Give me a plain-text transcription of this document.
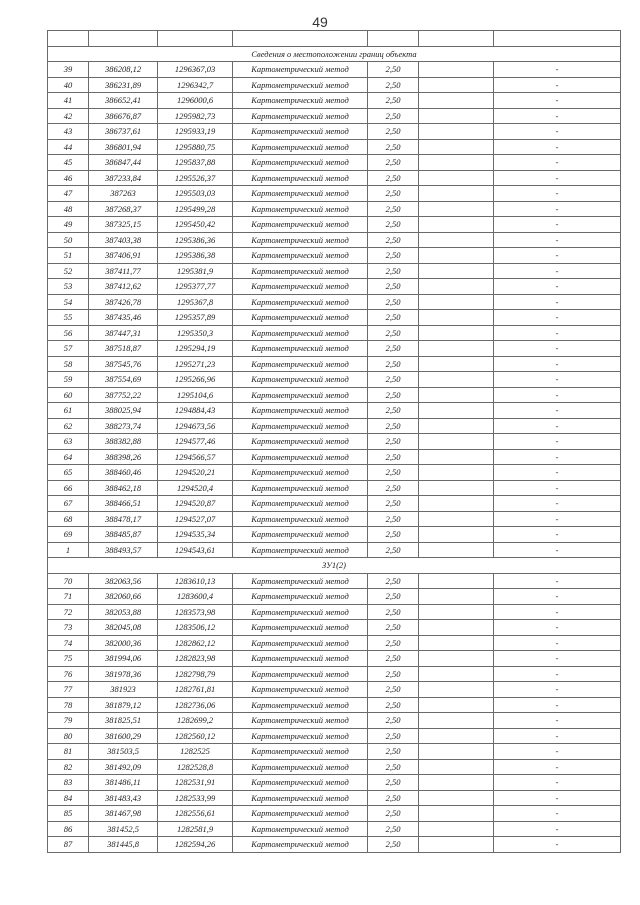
49

Сведения о местоположении границ объекта						
39	386208,12	1296367,03	Картометрический метод	2,50		-
40	386231,89	1296342,7	Картометрический метод	2,50		-
41	386652,41	1296000,6	Картометрический метод	2,50		-
42	386676,87	1295982,73	Картометрический метод	2,50		-
43	386737,61	1295933,19	Картометрический метод	2,50		-
44	386801,94	1295880,75	Картометрический метод	2,50		-
45	386847,44	1295837,88	Картометрический метод	2,50		-
46	387233,84	1295526,37	Картометрический метод	2,50		-
47	387263	1295503,03	Картометрический метод	2,50		-
48	387268,37	1295499,28	Картометрический метод	2,50		-
49	387325,15	1295450,42	Картометрический метод	2,50		-
50	387403,38	1295386,36	Картометрический метод	2,50		-
51	387406,91	1295386,38	Картометрический метод	2,50		-
52	387411,77	1295381,9	Картометрический метод	2,50		-
53	387412,62	1295377,77	Картометрический метод	2,50		-
54	387426,78	1295367,8	Картометрический метод	2,50		-
55	387435,46	1295357,89	Картометрический метод	2,50		-
56	387447,31	1295350,3	Картометрический метод	2,50		-
57	387518,87	1295294,19	Картометрический метод	2,50		-
58	387545,76	1295271,23	Картометрический метод	2,50		-
59	387554,69	1295266,96	Картометрический метод	2,50		-
60	387752,22	1295104,6	Картометрический метод	2,50		-
61	388025,94	1294884,43	Картометрический метод	2,50		-
62	388273,74	1294673,56	Картометрический метод	2,50		-
63	388382,88	1294577,46	Картометрический метод	2,50		-
64	388398,26	1294566,57	Картометрический метод	2,50		-
65	388460,46	1294520,21	Картометрический метод	2,50		-
66	388462,18	1294520,4	Картометрический метод	2,50		-
67	388466,51	1294520,87	Картометрический метод	2,50		-
68	388478,17	1294527,07	Картометрический метод	2,50		-
69	388485,87	1294535,34	Картометрический метод	2,50		-
1	388493,57	1294543,61	Картометрический метод	2,50		-
ЗУ1(2)						
70	382063,56	1283610,13	Картометрический метод	2,50		-
71	382060,66	1283600,4	Картометрический метод	2,50		-
72	382053,88	1283573,98	Картометрический метод	2,50		-
73	382045,08	1283506,12	Картометрический метод	2,50		-
74	382000,36	1282862,12	Картометрический метод	2,50		-
75	381994,06	1282823,98	Картометрический метод	2,50		-
76	381978,36	1282798,79	Картометрический метод	2,50		-
77	381923	1282761,81	Картометрический метод	2,50		-
78	381879,12	1282736,06	Картометрический метод	2,50		-
79	381825,51	1282699,2	Картометрический метод	2,50		-
80	381600,29	1282560,12	Картометрический метод	2,50		-
81	381503,5	1282525	Картометрический метод	2,50		-
82	381492,09	1282528,8	Картометрический метод	2,50		-
83	381486,11	1282531,91	Картометрический метод	2,50		-
84	381483,43	1282533,99	Картометрический метод	2,50		-
85	381467,98	1282556,61	Картометрический метод	2,50		-
86	381452,5	1282581,9	Картометрический метод	2,50		-
87	381445,8	1282594,26	Картометрический метод	2,50		-
